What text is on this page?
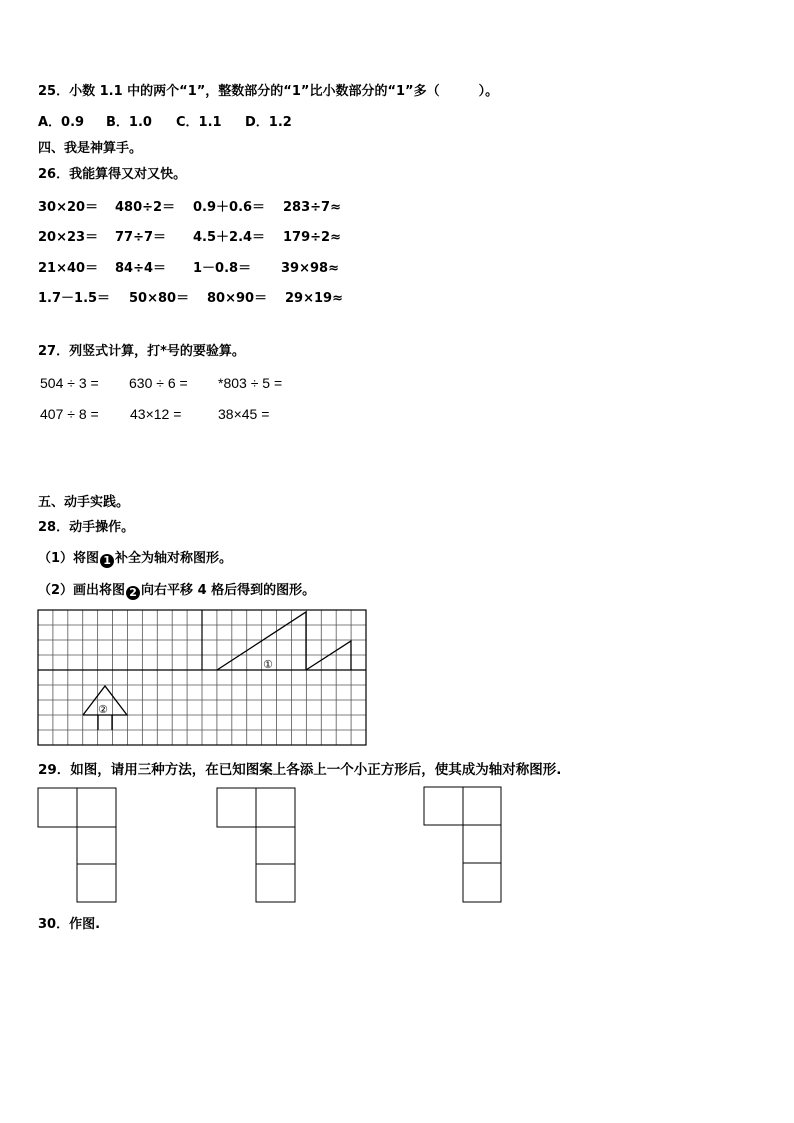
25．小数 1.1 中的两个“1”，整数部分的“1”比小数部分的“1”多（　　　）。
A．0.9 B．1.0 C．1.1 D．1.2
四、我是神算手。
26．我能算得又对又快。
30×20＝ 480÷2＝ 0.9＋0.6＝ 283÷7≈
20×23＝ 77÷7＝ 4.5＋2.4＝ 179÷2≈
21×40＝ 84÷4＝ 1－0.8＝ 39×98≈
1.7－1.5＝ 50×80＝ 80×90＝ 29×19≈
27．列竖式计算，打*号的要验算。
504 ÷ 3 = 630 ÷ 6 = *803 ÷ 5 =
407 ÷ 8 = 43×12 =	38×45 =
五、动手实践。
28．动手操作。
（1）将图 1 补全为轴对称图形。
（2）画出将图 2 向右平移 4 格后得到的图形。
①
②
29．如图，请用三种方法，在已知图案上各添上一个小正方形后，使其成为轴对称图形.
30．作图.
